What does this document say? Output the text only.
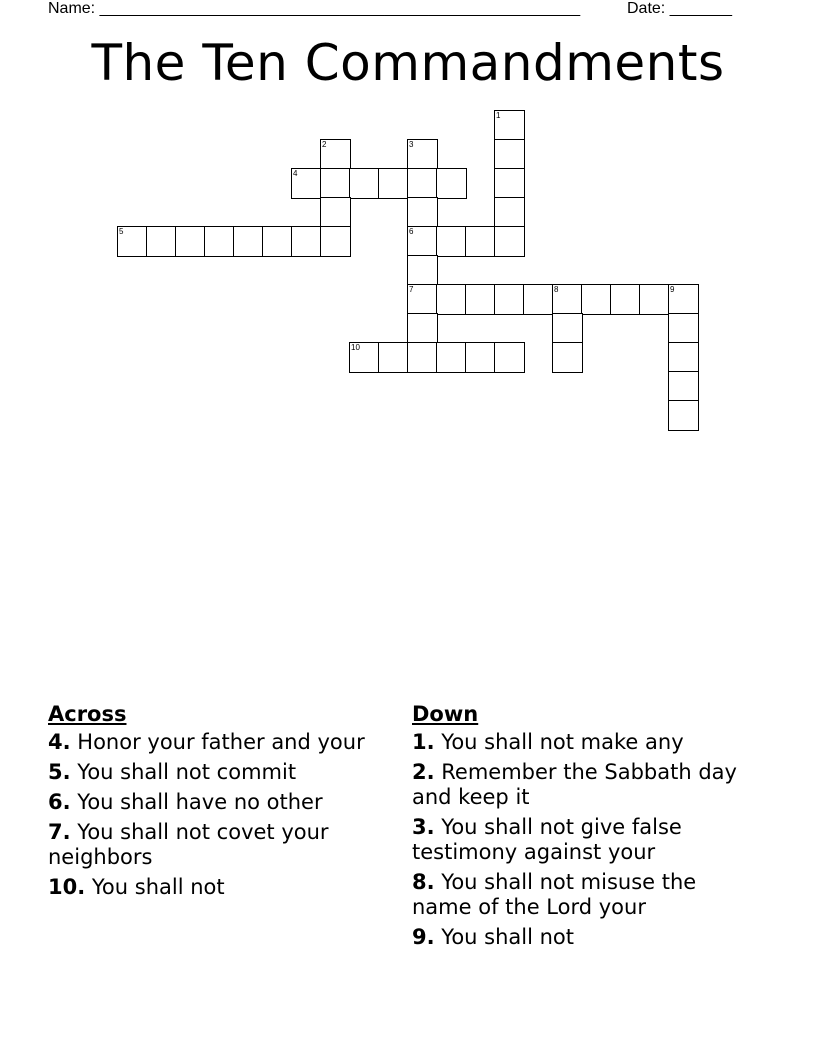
Name: ______________________________________________________	Date: _______
The Ten Commandments
1
2	3
4
5	6
7	8	9
10
Across
4. Honor your father and your
5. You shall not commit
6. You shall have no other
7. You shall not covet your neighbors
10. You shall not
Down
1. You shall not make any
2. Remember the Sabbath day and keep it
3. You shall not give false testimony against your
8. You shall not misuse the name of the Lord your
9. You shall not
